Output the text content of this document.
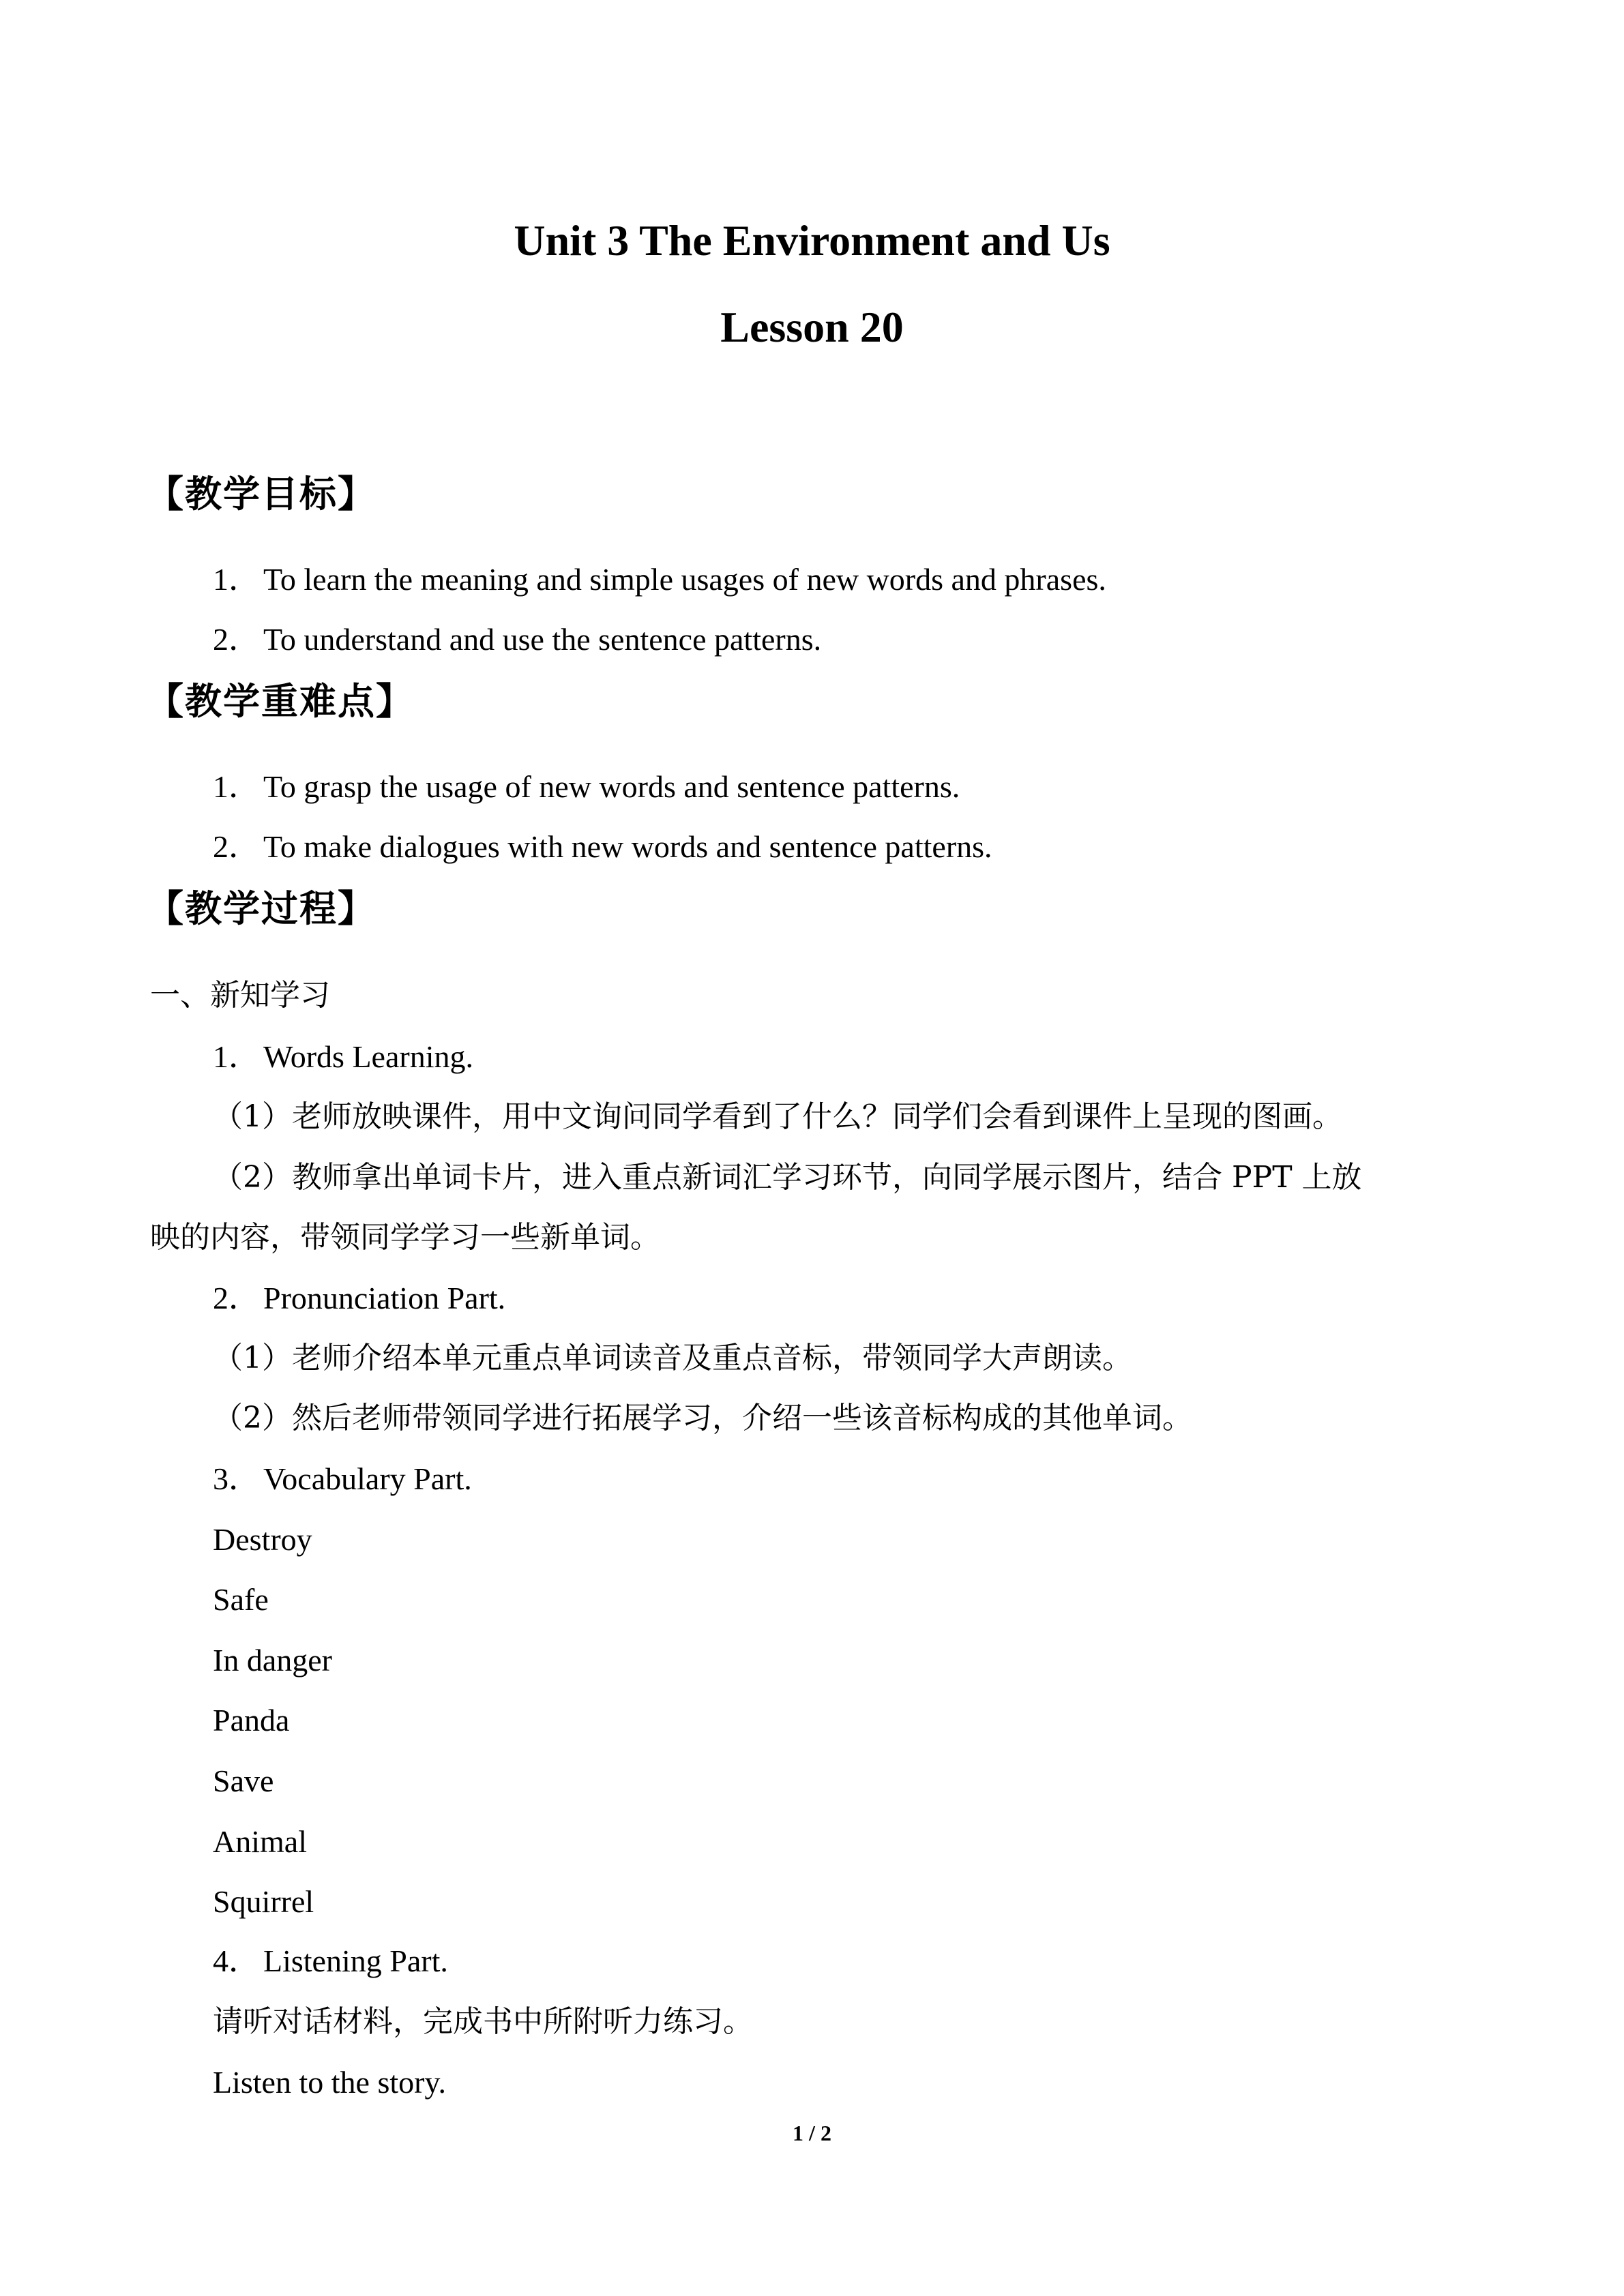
Unit 3 The Environment and Us
Lesson 20
【教学目标】
1． To learn the meaning and simple usages of new words and phrases.
2． To understand and use the sentence patterns.
【教学重难点】
1． To grasp the usage of new words and sentence patterns.
2． To make dialogues with new words and sentence patterns.
【教学过程】
一、新知学习
1． Words Learning.
（1）老师放映课件，用中文询问同学看到了什么？同学们会看到课件上呈现的图画。
（2）教师拿出单词卡片，进入重点新词汇学习环节，向同学展示图片，结合 PPT 上放
映的内容，带领同学学习一些新单词。
2． Pronunciation Part.
（1）老师介绍本单元重点单词读音及重点音标，带领同学大声朗读。
（2）然后老师带领同学进行拓展学习，介绍一些该音标构成的其他单词。
3． Vocabulary Part.
Destroy
Safe
In danger
Panda
Save
Animal
Squirrel
4． Listening Part.
请听对话材料，完成书中所附听力练习。
Listen to the story.
1 / 2
